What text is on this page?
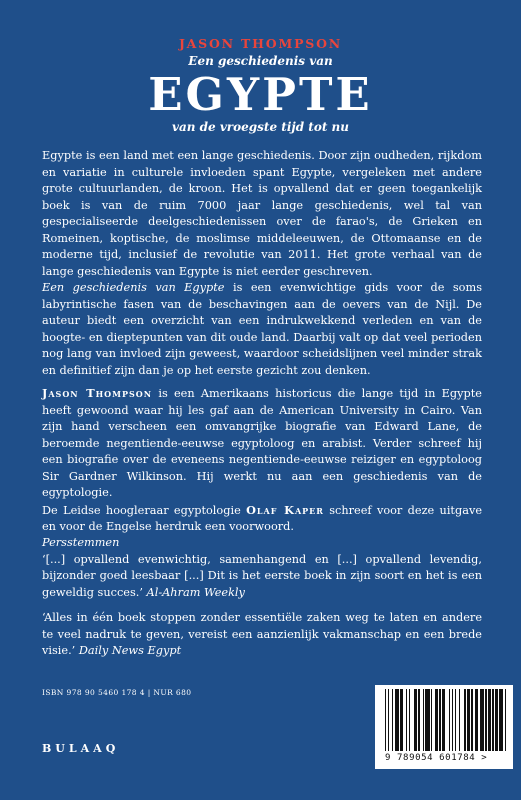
JASON THOMPSON
Een geschiedenis van
EGYPTE
van de vroegste tijd tot nu

Egypte is een land met een lange geschiedenis. Door zijn oudheden, rijkdom en variatie in culturele invloeden spant Egypte, vergeleken met andere grote cultuurlanden, de kroon. Het is opvallend dat er geen toegankelijk boek is van de ruim 7000 jaar lange geschiedenis, wel tal van gespecialiseerde deelgeschiedenissen over de farao's, de Grieken en Romeinen, koptische, de moslimse middeleeuwen, de Ottomaanse en de moderne tijd, inclusief de revolutie van 2011. Het grote verhaal van de lange geschiedenis van Egypte is niet eerder geschreven.

Een geschiedenis van Egypte is een evenwichtige gids voor de soms labyrintische fasen van de beschavingen aan de oevers van de Nijl. De auteur biedt een overzicht van een indrukwekkend verleden en van de hoogte- en dieptepunten van dit oude land. Daarbij valt op dat veel perioden nog lang van invloed zijn geweest, waardoor scheidslijnen veel minder strak en definitief zijn dan je op het eerste gezicht zou denken.

Jason Thompson is een Amerikaans historicus die lange tijd in Egypte heeft gewoond waar hij les gaf aan de American University in Cairo. Van zijn hand verscheen een omvangrijke biografie van Edward Lane, de beroemde negentiende-eeuwse egyptoloog en arabist. Verder schreef hij een biografie over de eveneens negentiende-eeuwse reiziger en egyptoloog Sir Gardner Wilkinson. Hij werkt nu aan een geschiedenis van de egyptologie.

De Leidse hoogleraar egyptologie Olaf Kaper schreef voor deze uitgave en voor de Engelse herdruk een voorwoord.

Persstemmen

‘[...] opvallend evenwichtig, samenhangend en [...] opvallend levendig, bijzonder goed leesbaar [...] Dit is het eerste boek in zijn soort en het is een geweldig succes.’ Al-Ahram Weekly

‘Alles in één boek stoppen zonder essentiële zaken weg te laten en andere te veel nadruk te geven, vereist een aanzienlijk vakmanschap en een brede visie.’ Daily News Egypt

ISBN 978 90 5460 178 4 | NUR 680
BULAAQ
9 789054 601784 >
